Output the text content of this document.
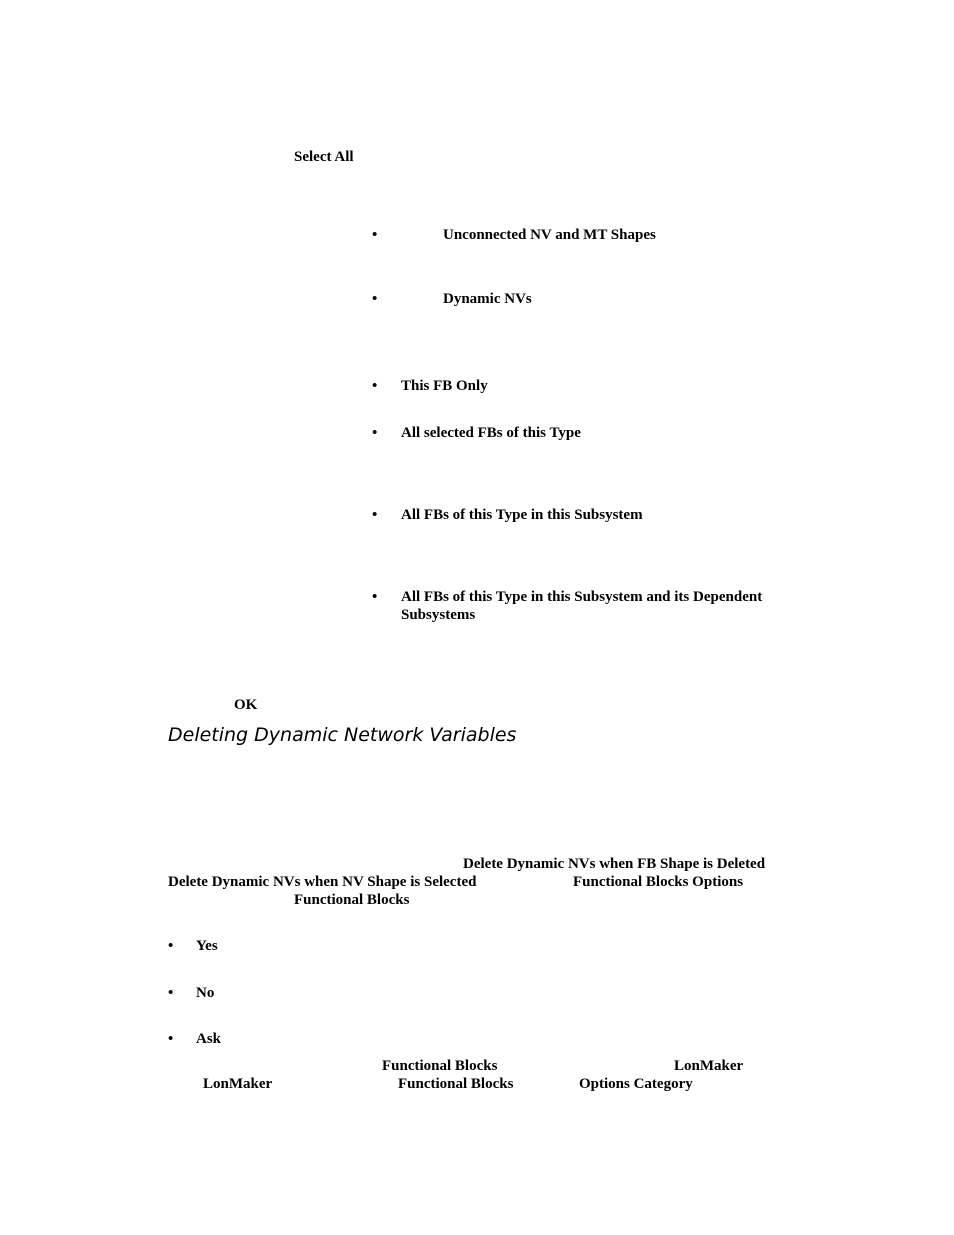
Select All
•	Unconnected NV and MT Shapes
•	Dynamic NVs
• This FB Only
• All selected FBs of this Type
• All FBs of this Type in this Subsystem
• All FBs of this Type in this Subsystem and its Dependent
Subsystems
OK
Deleting Dynamic Network Variables
Delete Dynamic NVs when FB Shape is Deleted
Delete Dynamic NVs when NV Shape is Selected	Functional Blocks Options
Functional Blocks
• Yes
• No
• Ask
Functional Blocks	LonMaker
LonMaker	Functional Blocks	Options Category
